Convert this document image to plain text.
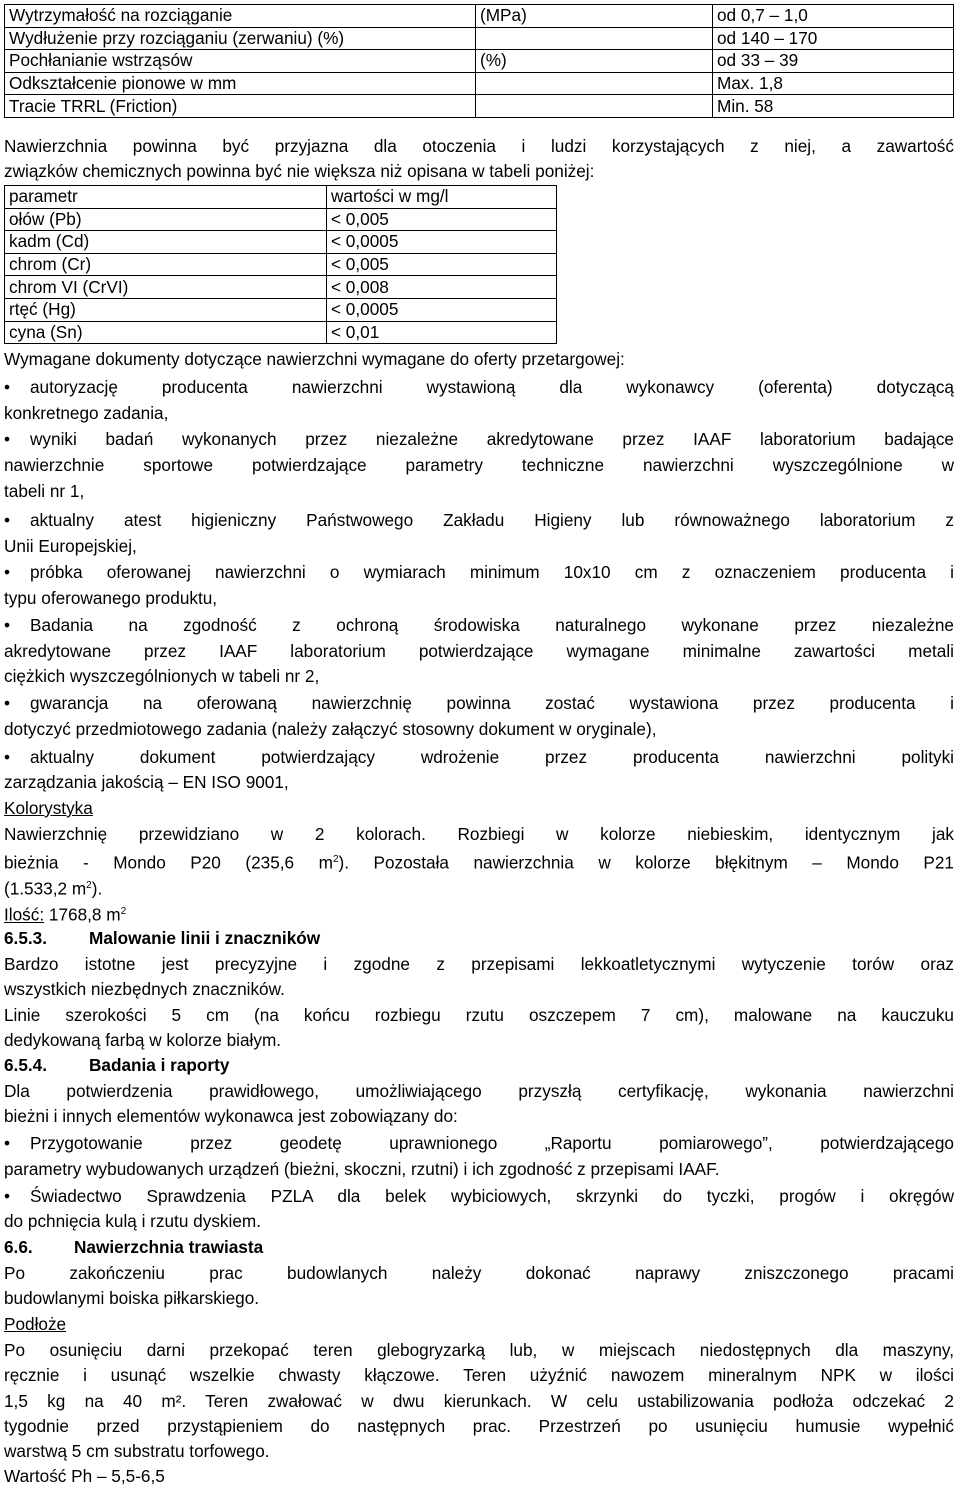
Wytrzymałość na rozciąganie	(MPa)	od 0,7 – 1,0
Wydłużenie przy rozciąganiu (zerwaniu) (%)		od 140 – 170
Pochłanianie wstrząsów	(%)	od 33 – 39
Odkształcenie pionowe w mm		Max. 1,8
Tracie TRRL (Friction)		Min. 58
Nawierzchnia powinna być przyjazna dla otoczenia i ludzi korzystających z niej, a zawartość
związków chemicznych powinna być nie większa niż opisana w tabeli poniżej:
parametr	wartości w mg/l
ołów (Pb)	< 0,005
kadm (Cd)	< 0,0005
chrom (Cr)	< 0,005
chrom VI (CrVI)	< 0,008
rtęć (Hg)	< 0,0005
cyna (Sn)	< 0,01
Wymagane dokumenty dotyczące nawierzchni wymagane do oferty przetargowej:
• autoryzację producenta nawierzchni wystawioną dla wykonawcy (oferenta) dotyczącą
konkretnego zadania,
• wyniki badań wykonanych przez niezależne akredytowane przez IAAF laboratorium badające
nawierzchnie sportowe potwierdzające parametry techniczne nawierzchni wyszczególnione w
tabeli nr 1,
• aktualny atest higieniczny Państwowego Zakładu Higieny lub równoważnego laboratorium z
Unii Europejskiej,
• próbka oferowanej nawierzchni o wymiarach minimum 10x10 cm z oznaczeniem producenta i
typu oferowanego produktu,
• Badania na zgodność z ochroną środowiska naturalnego wykonane przez niezależne
akredytowane przez IAAF laboratorium potwierdzające wymagane minimalne zawartości metali
ciężkich wyszczególnionych w tabeli nr 2,
• gwarancja na oferowaną nawierzchnię powinna zostać wystawiona przez producenta i
dotyczyć przedmiotowego zadania (należy załączyć stosowny dokument w oryginale),
• aktualny dokument potwierdzający wdrożenie przez producenta nawierzchni polityki
zarządzania jakością – EN ISO 9001,
Kolorystyka
Nawierzchnię przewidziano w 2 kolorach. Rozbiegi w kolorze niebieskim, identycznym jak
bieżnia - Mondo P20 (235,6 $m^2$). Pozostała nawierzchnia w kolorze błękitnym – Mondo P21
(1.533,2 $m^2$).
Ilość: 1768,8 $m^2$
6.5.3. Malowanie linii i znaczników
Bardzo istotne jest precyzyjne i zgodne z przepisami lekkoatletycznymi wytyczenie torów oraz
wszystkich niezbędnych znaczników.
Linie szerokości 5 cm (na końcu rozbiegu rzutu oszczepem 7 cm), malowane na kauczuku
dedykowaną farbą w kolorze białym.
6.5.4. Badania i raporty
Dla potwierdzenia prawidłowego, umożliwiającego przyszłą certyfikację, wykonania nawierzchni
bieżni i innych elementów wykonawca jest zobowiązany do:
• Przygotowanie przez geodetę uprawnionego „Raportu pomiarowego”, potwierdzającego
parametry wybudowanych urządzeń (bieżni, skoczni, rzutni) i ich zgodność z przepisami IAAF.
• Świadectwo Sprawdzenia PZLA dla belek wybiciowych, skrzynki do tyczki, progów i okręgów
do pchnięcia kulą i rzutu dyskiem.
6.6. Nawierzchnia trawiasta
Po zakończeniu prac budowlanych należy dokonać naprawy zniszczonego pracami
budowlanymi boiska piłkarskiego.
Podłoże
Po osunięciu darni przekopać teren glebogryzarką lub, w miejscach niedostępnych dla maszyny,
ręcznie i usunąć wszelkie chwasty kłączowe. Teren użyźnić nawozem mineralnym NPK w ilości
1,5 kg na 40 m². Teren zwałować w dwu kierunkach. W celu ustabilizowania podłoża odczekać 2
tygodnie przed przystąpieniem do następnych prac. Przestrzeń po usunięciu humusie wypełnić
warstwą 5 cm substratu torfowego.
Wartość Ph – 5,5-6,5
